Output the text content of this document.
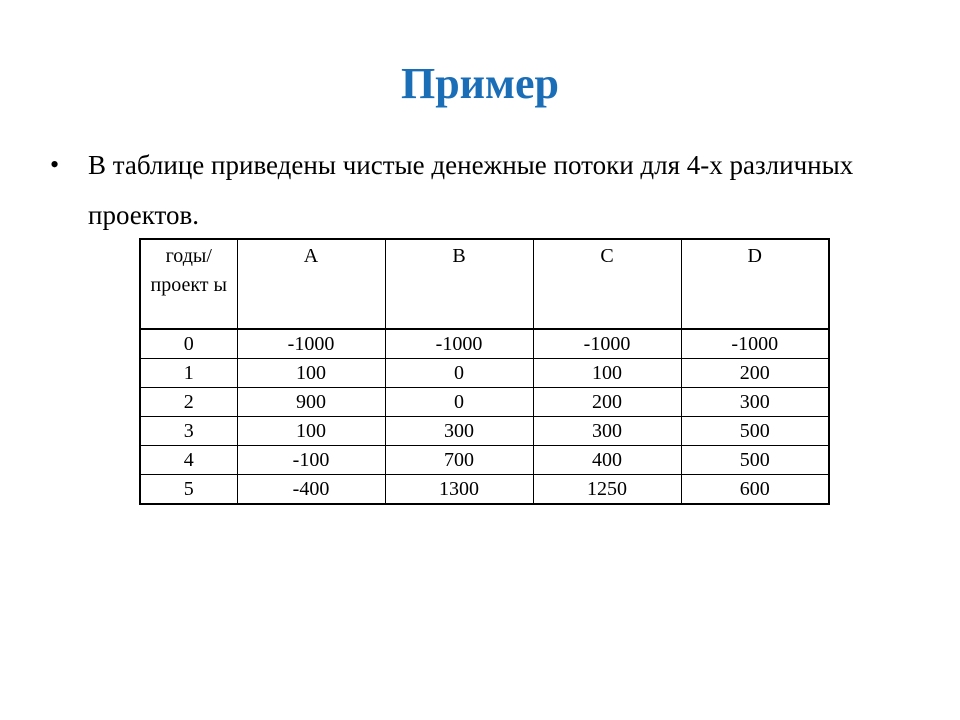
Пример
• В таблице приведены чистые денежные потоки для 4-х различных проектов.
годы/ проект ы	A	B	C	D
0	-1000	-1000	-1000	-1000
1	100	0	100	200
2	900	0	200	300
3	100	300	300	500
4	-100	700	400	500
5	-400	1300	1250	600
